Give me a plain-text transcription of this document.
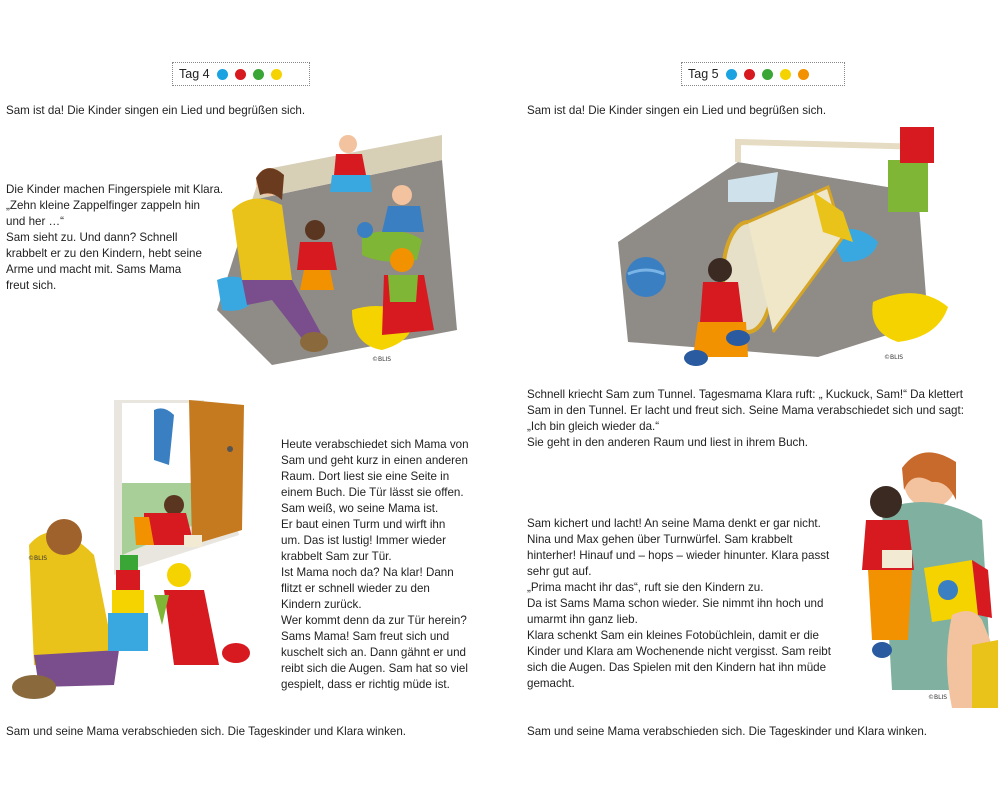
Tag 4

Sam ist da! Die Kinder singen ein Lied und begrüßen sich.

Die Kinder machen Fingerspiele mit Klara.
„Zehn kleine Zappelfinger zappeln hin
und her …“
Sam sieht zu. Und dann? Schnell
krabbelt er zu den Kindern, hebt seine
Arme und macht mit. Sams Mama
freut sich.

©BLIS
©BLIS

Heute verabschiedet sich Mama von
Sam und geht kurz in einen anderen
Raum. Dort liest sie eine Seite in
einem Buch. Die Tür lässt sie offen.
Sam weiß, wo seine Mama ist.
Er baut einen Turm und wirft ihn
um. Das ist lustig! Immer wieder
krabbelt Sam zur Tür.
Ist Mama noch da? Na klar! Dann
flitzt er schnell wieder zu den
Kindern zurück.
Wer kommt denn da zur Tür herein?
Sams Mama! Sam freut sich und
kuschelt sich an. Dann gähnt er und
reibt sich die Augen. Sam hat so viel
gespielt, dass er richtig müde ist.

Sam und seine Mama verabschieden sich. Die Tageskinder und Klara winken.

Tag 5

Sam ist da! Die Kinder singen ein Lied und begrüßen sich.

©BLIS

Schnell kriecht Sam zum Tunnel. Tagesmama Klara ruft: „ Kuckuck, Sam!“ Da klettert
Sam in den Tunnel. Er lacht und freut sich. Seine Mama verabschiedet sich und sagt:
„Ich bin gleich wieder da.“
Sie geht in den anderen Raum und liest in ihrem Buch.

Sam kichert und lacht! An seine Mama denkt er gar nicht.
Nina und Max gehen über Turnwürfel. Sam krabbelt
hinterher! Hinauf und – hops – wieder hinunter. Klara passt
sehr gut auf.
„Prima macht ihr das“, ruft sie den Kindern zu.
Da ist Sams Mama schon wieder. Sie nimmt ihn hoch und
umarmt ihn ganz lieb.
Klara schenkt Sam ein kleines Fotobüchlein, damit er die
Kinder und Klara am Wochenende nicht vergisst. Sam reibt
sich die Augen. Das Spielen mit den Kindern hat ihn müde
gemacht.

©BLIS

Sam und seine Mama verabschieden sich. Die Tageskinder und Klara winken.
